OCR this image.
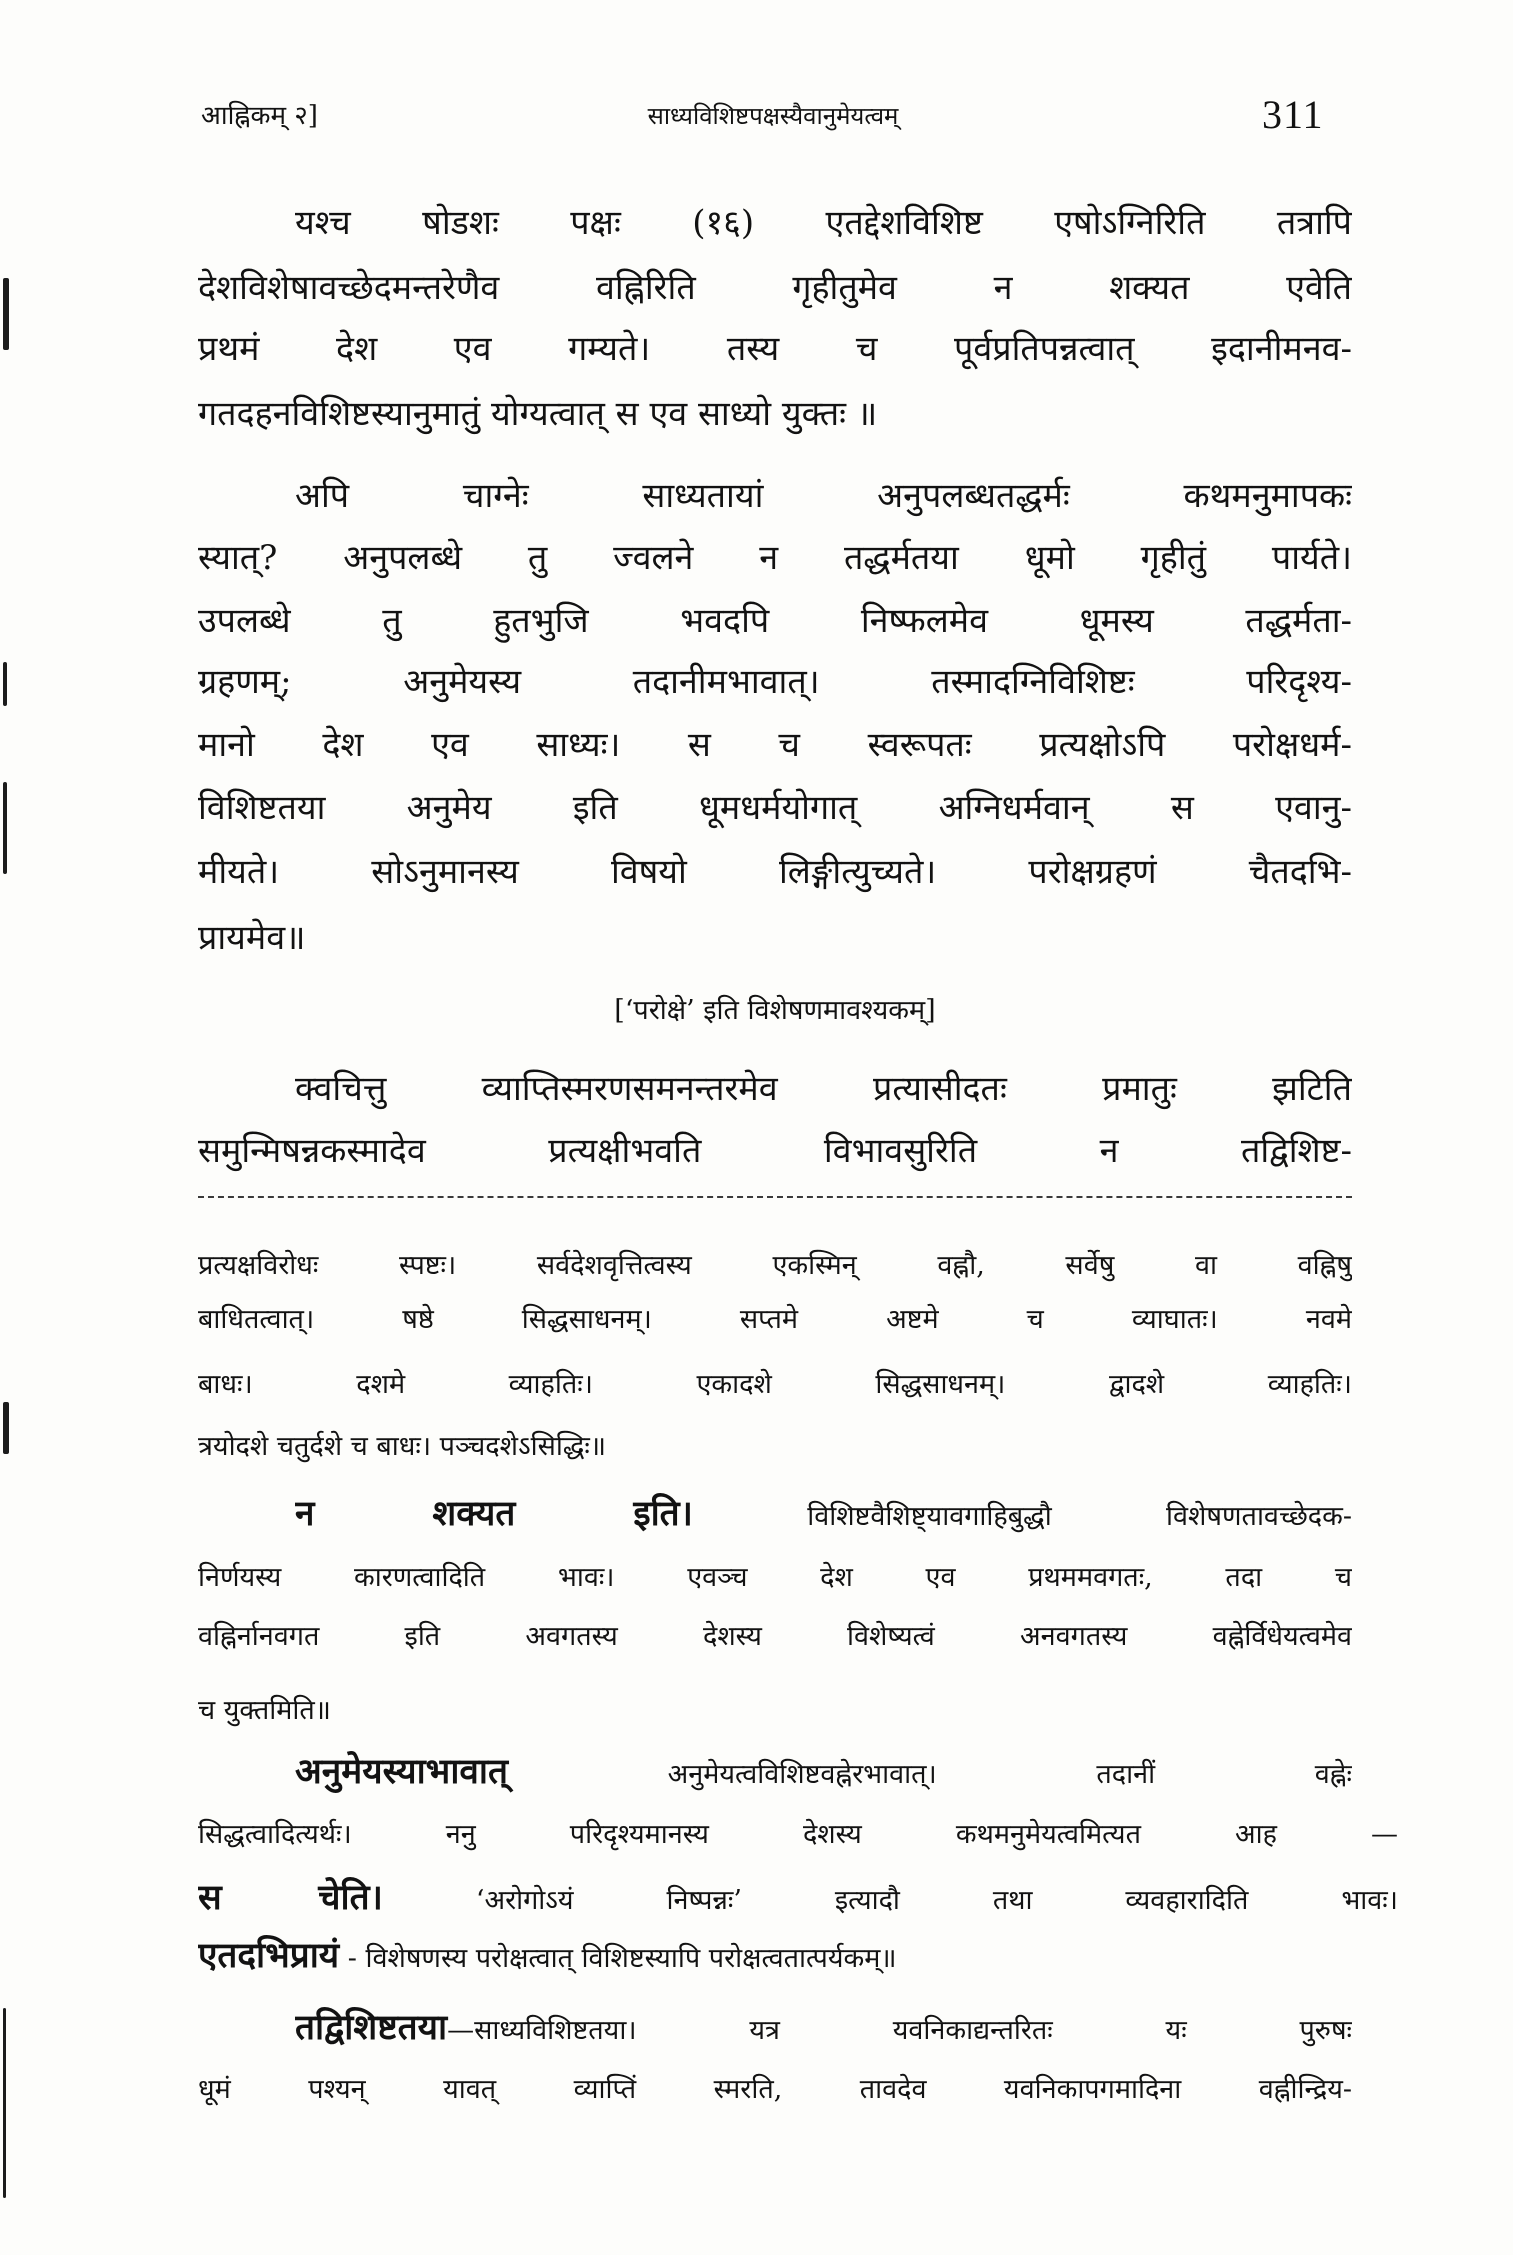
आह्निकम् २]	साध्यविशिष्टपक्षस्यैवानुमेयत्वम्	311
यश्च षोडशः पक्षः (१६) एतद्देशविशिष्ट एषोऽग्निरिति तत्रापि
देशविशेषावच्छेदमन्तरेणैव वह्निरिति गृहीतुमेव न शक्यत एवेति
प्रथमं देश एव गम्यते। तस्य च पूर्वप्रतिपन्नत्वात् इदानीमनव-
गतदहनविशिष्टस्यानुमातुं योग्यत्वात् स एव साध्यो युक्तः ॥
अपि चाग्नेः साध्यतायां अनुपलब्धतद्धर्मः कथमनुमापकः
स्यात्? अनुपलब्धे तु ज्वलने न तद्धर्मतया धूमो गृहीतुं पार्यते।
उपलब्धे तु हुतभुजि भवदपि निष्फलमेव धूमस्य तद्धर्मता-
ग्रहणम्; अनुमेयस्य तदानीमभावात्। तस्मादग्निविशिष्टः परिदृश्य-
मानो देश एव साध्यः। स च स्वरूपतः प्रत्यक्षोऽपि परोक्षधर्म-
विशिष्टतया अनुमेय इति धूमधर्मयोगात् अग्निधर्मवान् स एवानु-
मीयते। सोऽनुमानस्य विषयो लिङ्गीत्युच्यते। परोक्षग्रहणं चैतदभि-
प्रायमेव॥
[‘परोक्षे’ इति विशेषणमावश्यकम्]
क्वचित्तु व्याप्तिस्मरणसमनन्तरमेव प्रत्यासीदतः प्रमातुः झटिति
समुन्मिषन्नकस्मादेव प्रत्यक्षीभवति विभावसुरिति न तद्विशिष्ट-
प्रत्यक्षविरोधः स्पष्टः। सर्वदेशवृत्तित्वस्य एकस्मिन् वह्नौ, सर्वेषु वा वह्निषु
बाधितत्वात्। षष्ठे सिद्धसाधनम्। सप्तमे अष्टमे च व्याघातः। नवमे
बाधः। दशमे व्याहतिः। एकादशे सिद्धसाधनम्। द्वादशे व्याहतिः।
त्रयोदशे चतुर्दशे च बाधः। पञ्चदशेऽसिद्धिः॥
न शक्यत इति।	विशिष्टवैशिष्ट्यावगाहिबुद्धौ विशेषणतावच्छेदक-
निर्णयस्य कारणत्वादिति भावः। एवञ्च देश एव प्रथममवगतः, तदा च
वह्निर्नानवगत इति अवगतस्य देशस्य विशेष्यत्वं अनवगतस्य वह्नेर्विधेयत्वमेव
च युक्तमिति॥
अनुमेयस्याभावात्	अनुमेयत्वविशिष्टवह्नेरभावात्। तदानीं वह्नेः
सिद्धत्वादित्यर्थः। ननु परिदृश्यमानस्य देशस्य कथमनुमेयत्वमित्यत आह —
स चेति।	‘अरोगोऽयं निष्पन्नः’ इत्यादौ तथा व्यवहारादिति भावः।
एतदभिप्रायं - विशेषणस्य परोक्षत्वात् विशिष्टस्यापि परोक्षत्वतात्पर्यकम्॥
तद्विशिष्टतया—साध्यविशिष्टतया। यत्र यवनिकाद्यन्तरितः यः पुरुषः
धूमं पश्यन् यावत् व्याप्तिं स्मरति, तावदेव यवनिकापगमादिना वह्नीन्द्रिय-
